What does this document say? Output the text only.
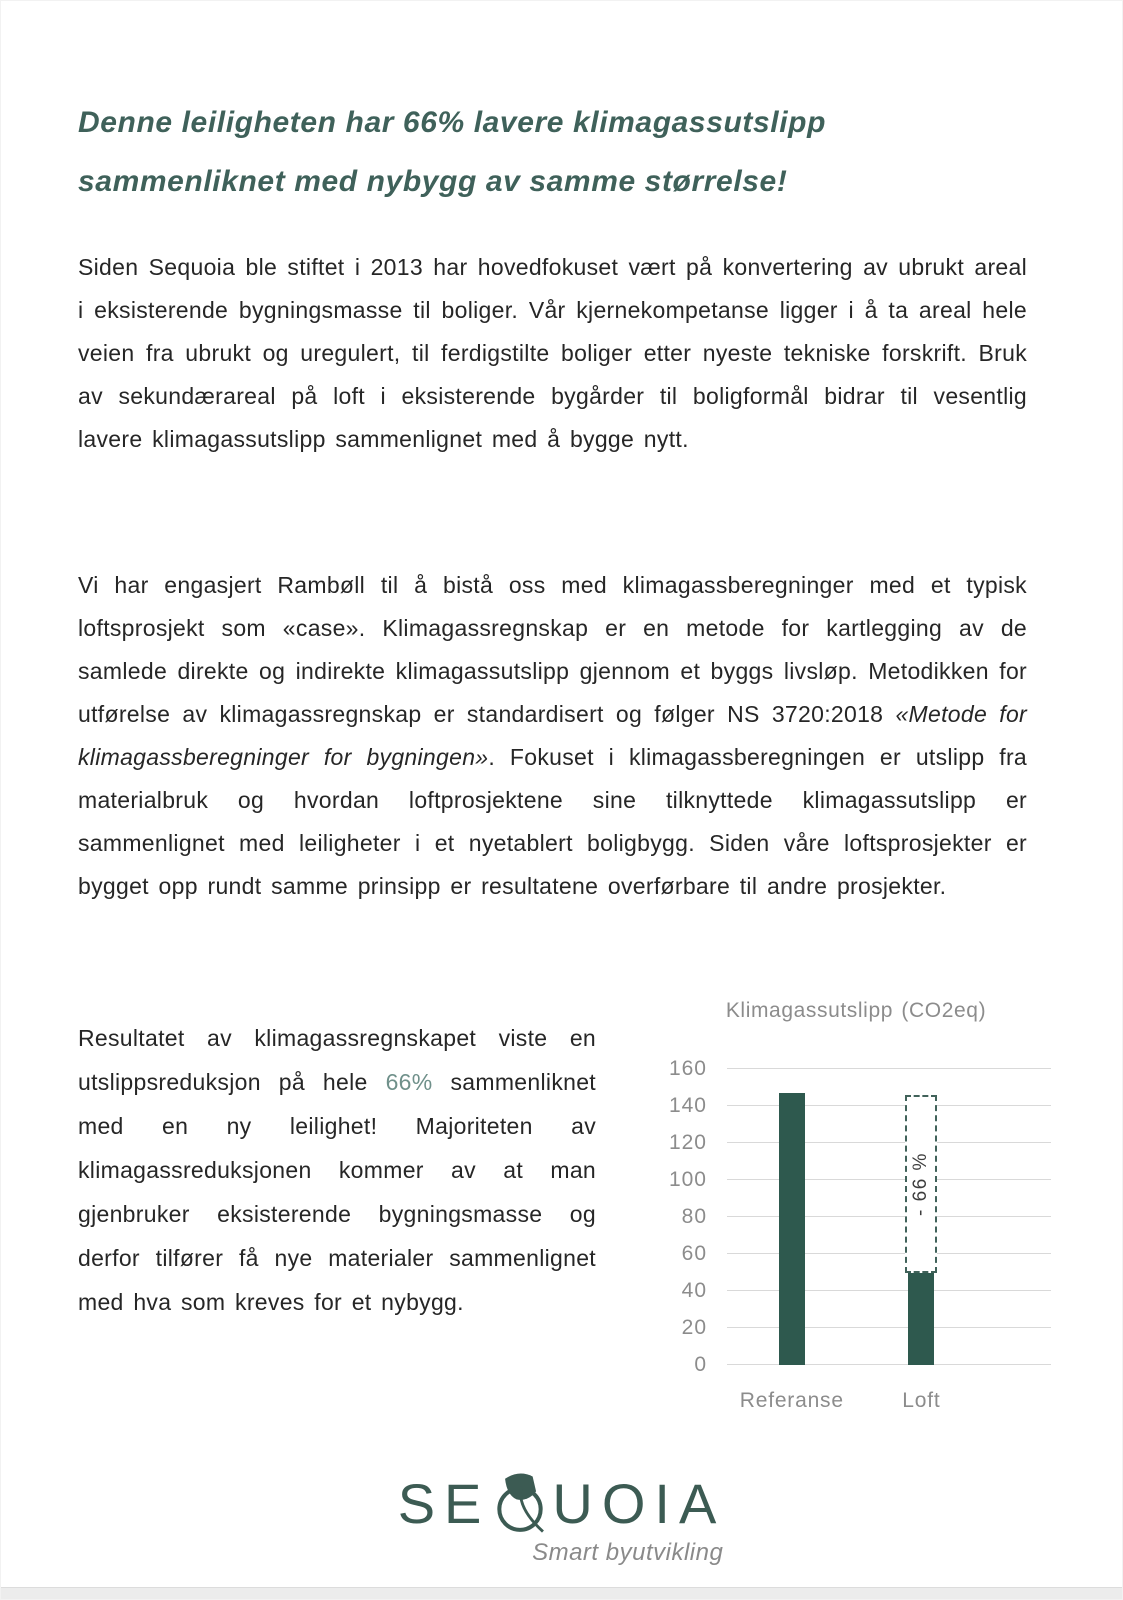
Denne leiligheten har 66% lavere klimagassutslipp
sammenliknet med nybygg av samme størrelse!

Siden Sequoia ble stiftet i 2013 har hovedfokuset vært på konvertering av ubrukt areal i eksisterende bygningsmasse til boliger. Vår kjernekompetanse ligger i å ta areal hele veien fra ubrukt og uregulert, til ferdigstilte boliger etter nyeste tekniske forskrift. Bruk av sekundærareal på loft i eksisterende bygårder til boligformål bidrar til vesentlig lavere klimagassutslipp sammenlignet med å bygge nytt.

Vi har engasjert Rambøll til å bistå oss med klimagassberegninger med et typisk loftsprosjekt som «case». Klimagassregnskap er en metode for kartlegging av de samlede direkte og indirekte klimagassutslipp gjennom et byggs livsløp. Metodikken for utførelse av klimagassregnskap er standardisert og følger NS 3720:2018 «Metode for klimagassberegninger for bygningen». Fokuset i klimagassberegningen er utslipp fra materialbruk og hvordan loftprosjektene sine tilknyttede klimagassutslipp er sammenlignet med leiligheter i et nyetablert boligbygg. Siden våre loftsprosjekter er bygget opp rundt samme prinsipp er resultatene overførbare til andre prosjekter.

Resultatet av klimagassregnskapet viste en utslippsreduksjon på hele 66% sammenliknet med en ny leilighet! Majoriteten av klimagassreduksjonen kommer av at man gjenbruker eksisterende bygningsmasse og derfor tilfører få nye materialer sammenlignet med hva som kreves for et nybygg.

Klimagassutslipp (CO2eq)
0
20
40
60
80
100
120
140
160
- 66 %
Referanse	Loft
SE UOIA
Smart byutvikling
